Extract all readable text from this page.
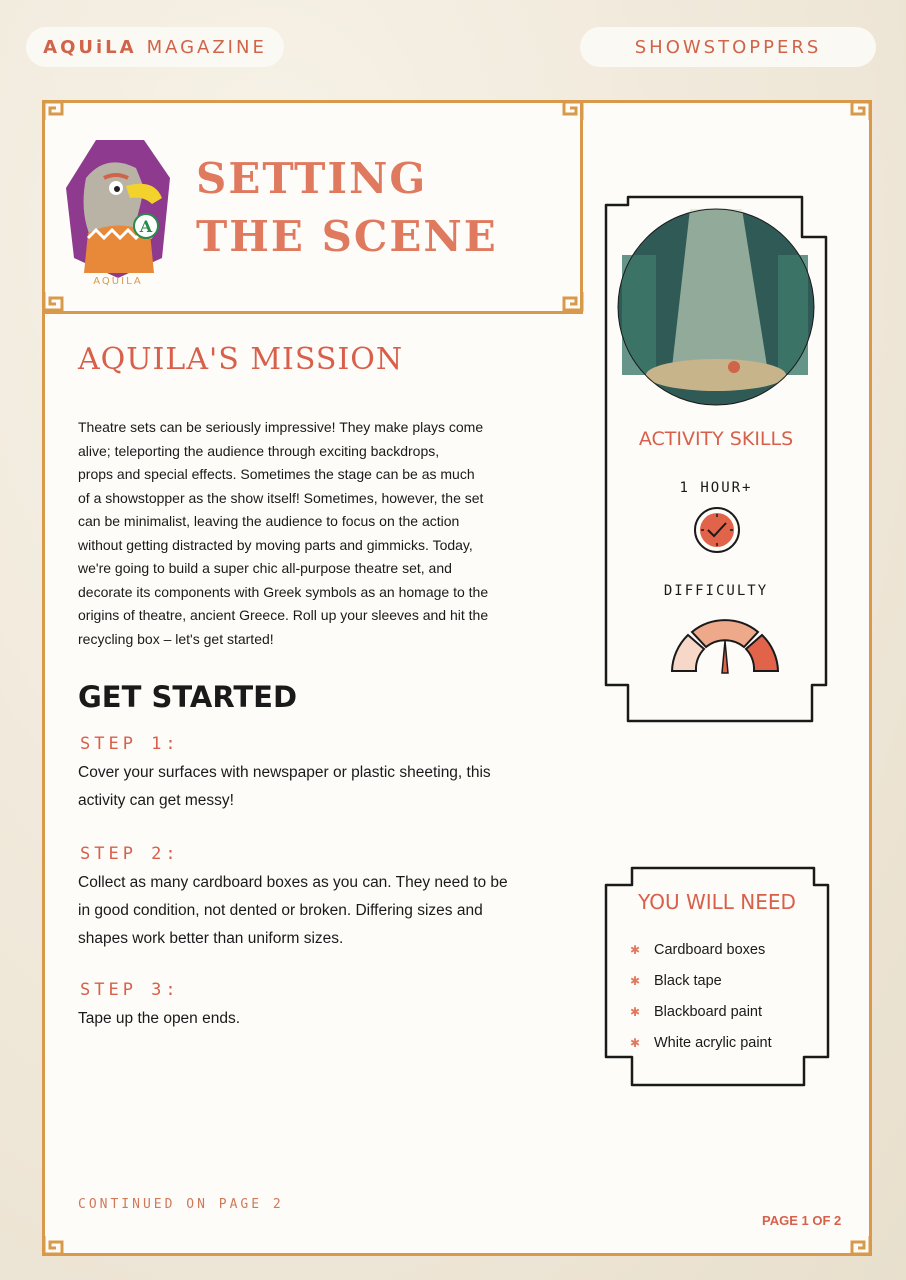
AQUiLA MAGAZINE	SHOWSTOPPERS
A
AQUILA
SETTING
THE SCENE
AQUILA'S MISSION
Theatre sets can be seriously impressive! They make plays come
alive; teleporting the audience through exciting backdrops,
props and special effects. Sometimes the stage can be as much
of a showstopper as the show itself! Sometimes, however, the set
can be minimalist, leaving the audience to focus on the action
without getting distracted by moving parts and gimmicks. Today,
we're going to build a super chic all-purpose theatre set, and
decorate its components with Greek symbols as an homage to the
origins of theatre, ancient Greece. Roll up your sleeves and hit the
recycling box – let's get started!
GET STARTED
STEP 1:
Cover your surfaces with newspaper or plastic sheeting, this
activity can get messy!
STEP 2:
Collect as many cardboard boxes as you can. They need to be
in good condition, not dented or broken. Differing sizes and
shapes work better than uniform sizes.
STEP 3:
Tape up the open ends.
ACTIVITY SKILLS
1 HOUR+
DIFFICULTY
YOU WILL NEED
✱ Cardboard boxes
✱ Black tape
✱ Blackboard paint
✱ White acrylic paint
CONTINUED ON PAGE 2
PAGE 1 OF 2
